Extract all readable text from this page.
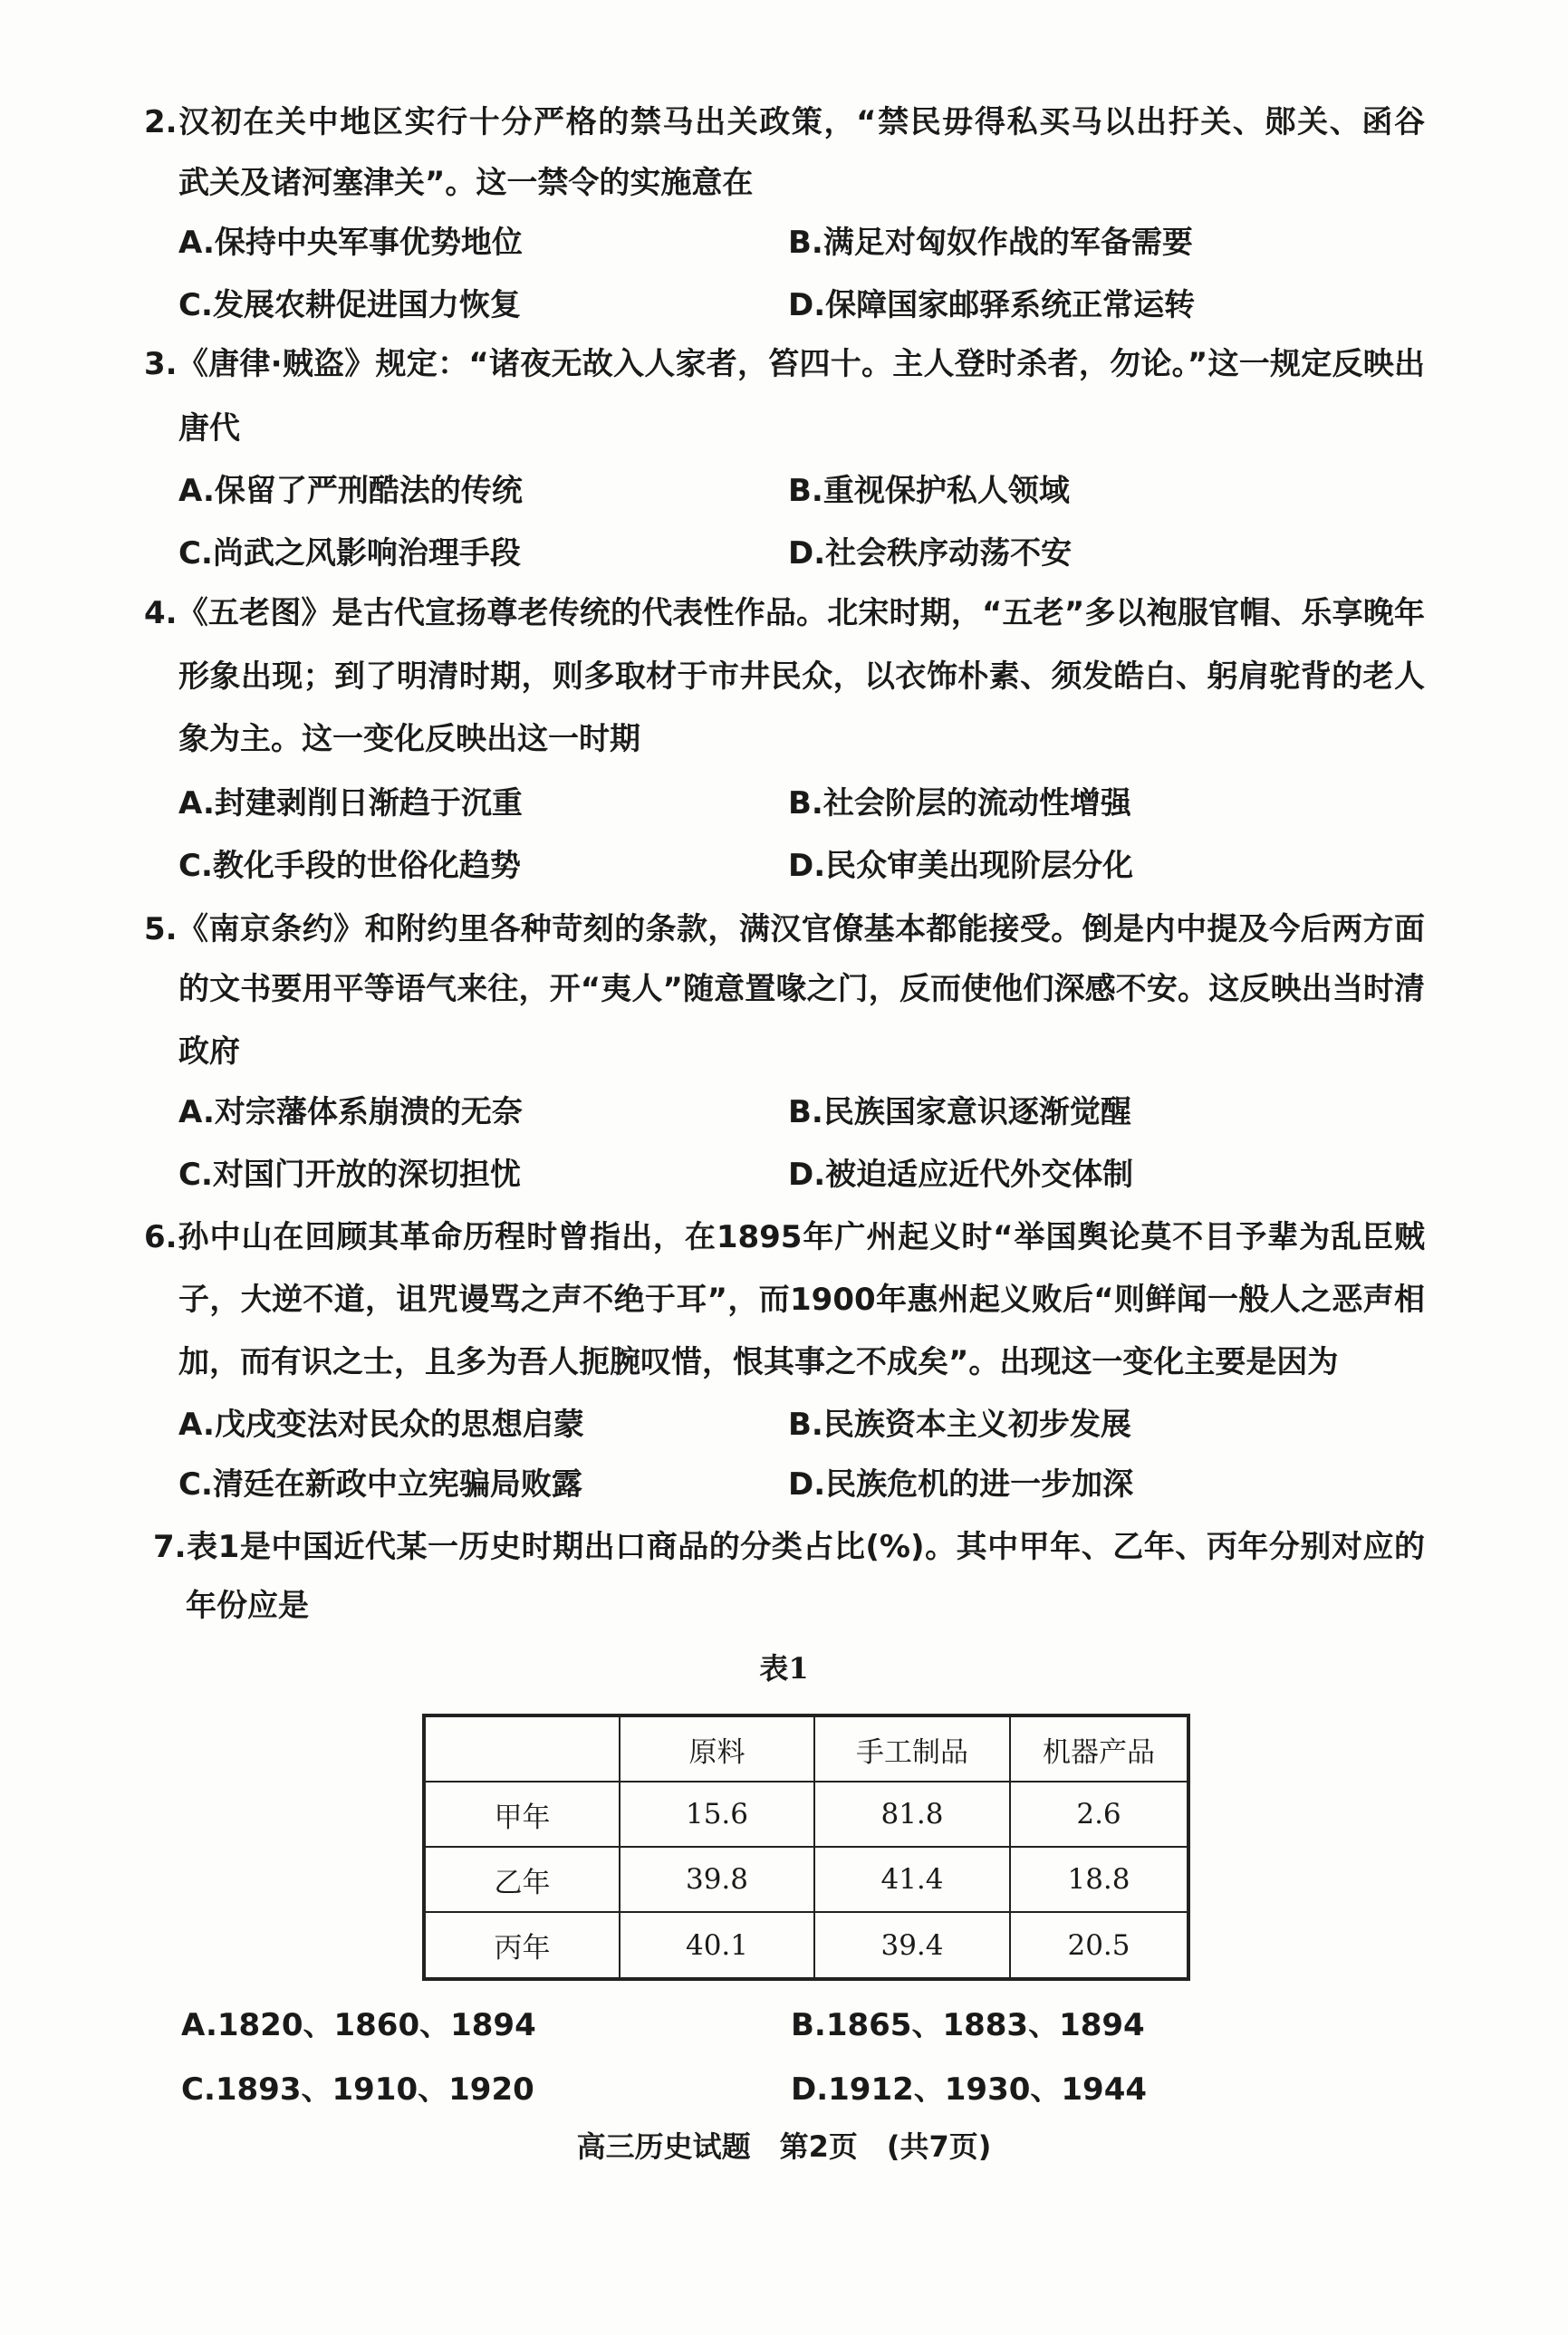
2.汉初在关中地区实行十分严格的禁马出关政策，“禁民毋得私买马以出扜关、郧关、函谷
武关及诸河塞津关”。这一禁令的实施意在
A.保持中央军事优势地位	B.满足对匈奴作战的军备需要
C.发展农耕促进国力恢复	D.保障国家邮驿系统正常运转
3.《唐律·贼盗》规定：“诸夜无故入人家者，笞四十。主人登时杀者，勿论。”这一规定反映出
唐代
A.保留了严刑酷法的传统	B.重视保护私人领域
C.尚武之风影响治理手段	D.社会秩序动荡不安
4.《五老图》是古代宣扬尊老传统的代表性作品。北宋时期，“五老”多以袍服官帽、乐享晚年
形象出现；到了明清时期，则多取材于市井民众，以衣饰朴素、须发皓白、躬肩驼背的老人
象为主。这一变化反映出这一时期
A.封建剥削日渐趋于沉重	B.社会阶层的流动性增强
C.教化手段的世俗化趋势	D.民众审美出现阶层分化
5.《南京条约》和附约里各种苛刻的条款，满汉官僚基本都能接受。倒是内中提及今后两方面
的文书要用平等语气来往，开“夷人”随意置喙之门，反而使他们深感不安。这反映出当时清
政府
A.对宗藩体系崩溃的无奈	B.民族国家意识逐渐觉醒
C.对国门开放的深切担忧	D.被迫适应近代外交体制
6.孙中山在回顾其革命历程时曾指出，在1895年广州起义时“举国舆论莫不目予辈为乱臣贼
子，大逆不道，诅咒谩骂之声不绝于耳”，而1900年惠州起义败后“则鲜闻一般人之恶声相
加，而有识之士，且多为吾人扼腕叹惜，恨其事之不成矣”。出现这一变化主要是因为
A.戊戌变法对民众的思想启蒙	B.民族资本主义初步发展
C.清廷在新政中立宪骗局败露	D.民族危机的进一步加深
7.表1是中国近代某一历史时期出口商品的分类占比(%)。其中甲年、乙年、丙年分别对应的
年份应是
表1
	原料	手工制品	机器产品
甲年	15.6	81.8	2.6
乙年	39.8	41.4	18.8
丙年	40.1	39.4	20.5
A.1820、1860、1894	B.1865、1883、1894
C.1893、1910、1920	D.1912、1930、1944
高三历史试题　第2页　(共7页)
